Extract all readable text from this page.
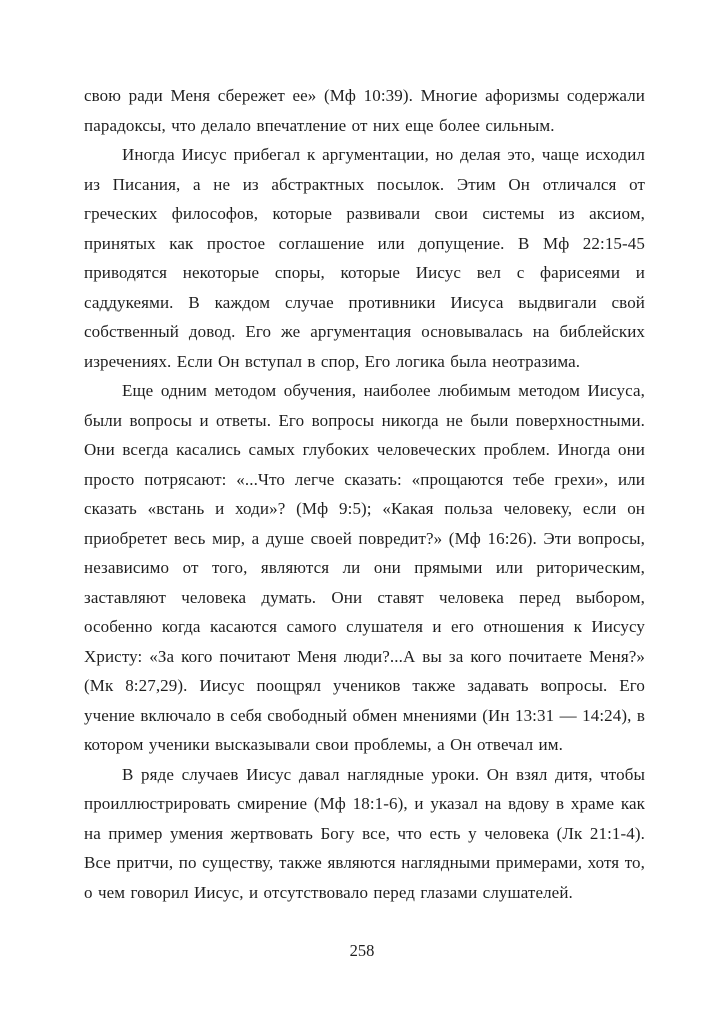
свою ради Меня сбережет ее» (Мф 10:39). Многие афоризмы содержали парадоксы, что делало впечатление от них еще более сильным.

Иногда Иисус прибегал к аргументации, но делая это, чаще исходил из Писания, а не из абстрактных посылок. Этим Он отличался от греческих философов, которые развивали свои системы из аксиом, принятых как простое соглашение или допущение. В Мф 22:15-45 приводятся некоторые споры, которые Иисус вел с фарисеями и саддукеями. В каждом случае противники Иисуса выдвигали свой собственный довод. Его же аргументация основывалась на библейских изречениях. Если Он вступал в спор, Его логика была неотразима.

Еще одним методом обучения, наиболее любимым методом Иисуса, были вопросы и ответы. Его вопросы никогда не были поверхностными. Они всегда касались самых глубоких человеческих проблем. Иногда они просто потрясают: «...Что легче сказать: «прощаются тебе грехи», или сказать «встань и ходи»? (Мф 9:5); «Какая польза человеку, если он приобретет весь мир, а душе своей повредит?» (Мф 16:26). Эти вопросы, независимо от того, являются ли они прямыми или риторическим, заставляют человека думать. Они ставят человека перед выбором, особенно когда касаются самого слушателя и его отношения к Иисусу Христу: «За кого почитают Меня люди?...А вы за кого почитаете Меня?» (Мк 8:27,29). Иисус поощрял учеников также задавать вопросы. Его учение включало в себя свободный обмен мнениями (Ин 13:31 — 14:24), в котором ученики высказывали свои проблемы, а Он отвечал им.

В ряде случаев Иисус давал наглядные уроки. Он взял дитя, чтобы проиллюстрировать смирение (Мф 18:1-6), и указал на вдову в храме как на пример умения жертвовать Богу все, что есть у человека (Лк 21:1-4). Все притчи, по существу, также являются наглядными примерами, хотя то, о чем говорил Иисус, и отсутствовало перед глазами слушателей.

258
